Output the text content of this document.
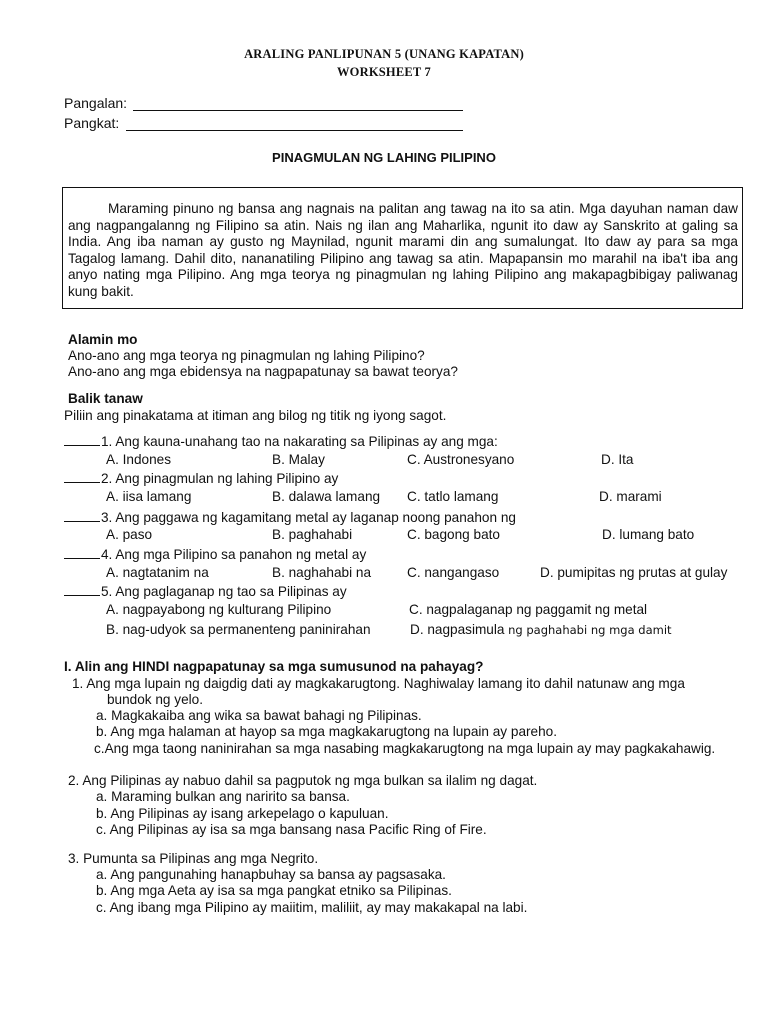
ARALING PANLIPUNAN 5 (UNANG KAPATAN)
WORKSHEET 7
Pangalan:
Pangkat:
PINAGMULAN NG LAHING PILIPINO
Maraming pinuno ng bansa ang nagnais na palitan ang tawag na ito sa atin. Mga dayuhan naman daw ang nagpangalanng ng Filipino sa atin. Nais ng ilan ang Maharlika, ngunit ito daw ay Sanskrito at galing sa India. Ang iba naman ay gusto ng Maynilad, ngunit marami din ang sumalungat. Ito daw ay para sa mga Tagalog lamang. Dahil dito, nananatiling Pilipino ang tawag sa atin. Mapapansin mo marahil na iba't iba ang anyo nating mga Pilipino. Ang mga teorya ng pinagmulan ng lahing Pilipino ang makapagbibigay paliwanag kung bakit.
Alamin mo
Ano-ano ang mga teorya ng pinagmulan ng lahing Pilipino?
Ano-ano ang mga ebidensya na nagpapatunay sa bawat teorya?
Balik tanaw
Piliin ang pinakatama at itiman ang bilog ng titik ng iyong sagot.
1. Ang kauna-unahang tao na nakarating sa Pilipinas ay ang mga:
A. Indones	B. Malay	C. Austronesyano	D. Ita
2. Ang pinagmulan ng lahing Pilipino ay
A. iisa lamang	B. dalawa lamang C. tatlo lamang	D. marami
3. Ang paggawa ng kagamitang metal ay laganap noong panahon ng
A. paso	B. paghahabi	C. bagong bato	D. lumang bato
4. Ang mga Pilipino sa panahon ng metal ay
A. nagtatanim na	B. naghahabi na	C. nangangaso	D. pumipitas ng prutas at gulay
5. Ang paglaganap ng tao sa Pilipinas ay
A. nagpayabong ng kulturang Pilipino	C. nagpalaganap ng paggamit ng metal
B. nag-udyok sa permanenteng paninirahan	D. nagpasimula ng paghahabi ng mga damit
I. Alin ang HINDI nagpapatunay sa mga sumusunod na pahayag?
1. Ang mga lupain ng daigdig dati ay magkakarugtong. Naghiwalay lamang ito dahil natunaw ang mga
bundok ng yelo.
a. Magkakaiba ang wika sa bawat bahagi ng Pilipinas.
b. Ang mga halaman at hayop sa mga magkakarugtong na lupain ay pareho.
c.Ang mga taong naninirahan sa mga nasabing magkakarugtong na mga lupain ay may pagkakahawig.
2. Ang Pilipinas ay nabuo dahil sa pagputok ng mga bulkan sa ilalim ng dagat.
a. Maraming bulkan ang naririto sa bansa.
b. Ang Pilipinas ay isang arkepelago o kapuluan.
c. Ang Pilipinas ay isa sa mga bansang nasa Pacific Ring of Fire.
3. Pumunta sa Pilipinas ang mga Negrito.
a. Ang pangunahing hanapbuhay sa bansa ay pagsasaka.
b. Ang mga Aeta ay isa sa mga pangkat etniko sa Pilipinas.
c. Ang ibang mga Pilipino ay maiitim, maliliit, ay may makakapal na labi.
